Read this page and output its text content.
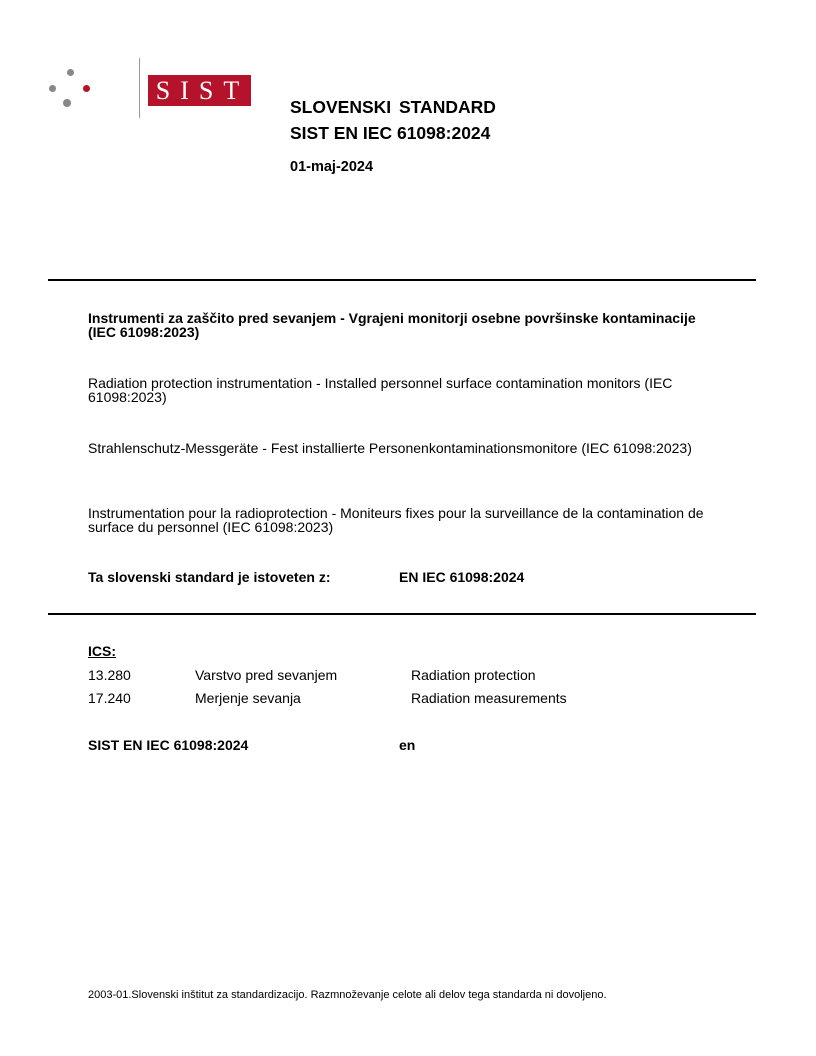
SIST
SLOVENSKI STANDARD
SIST EN IEC 61098:2024
01-maj-2024
Instrumenti za zaščito pred sevanjem - Vgrajeni monitorji osebne površinske kontaminacije (IEC 61098:2023)
Radiation protection instrumentation - Installed personnel surface contamination monitors (IEC 61098:2023)
Strahlenschutz-Messgeräte - Fest installierte Personenkontaminationsmonitore (IEC 61098:2023)
Instrumentation pour la radioprotection - Moniteurs fixes pour la surveillance de la contamination de surface du personnel (IEC 61098:2023)
Ta slovenski standard je istoveten z:	EN IEC 61098:2024
ICS:
13.280	Varstvo pred sevanjem	Radiation protection
17.240	Merjenje sevanja	Radiation measurements
SIST EN IEC 61098:2024	en
2003-01.Slovenski inštitut za standardizacijo. Razmnoževanje celote ali delov tega standarda ni dovoljeno.
